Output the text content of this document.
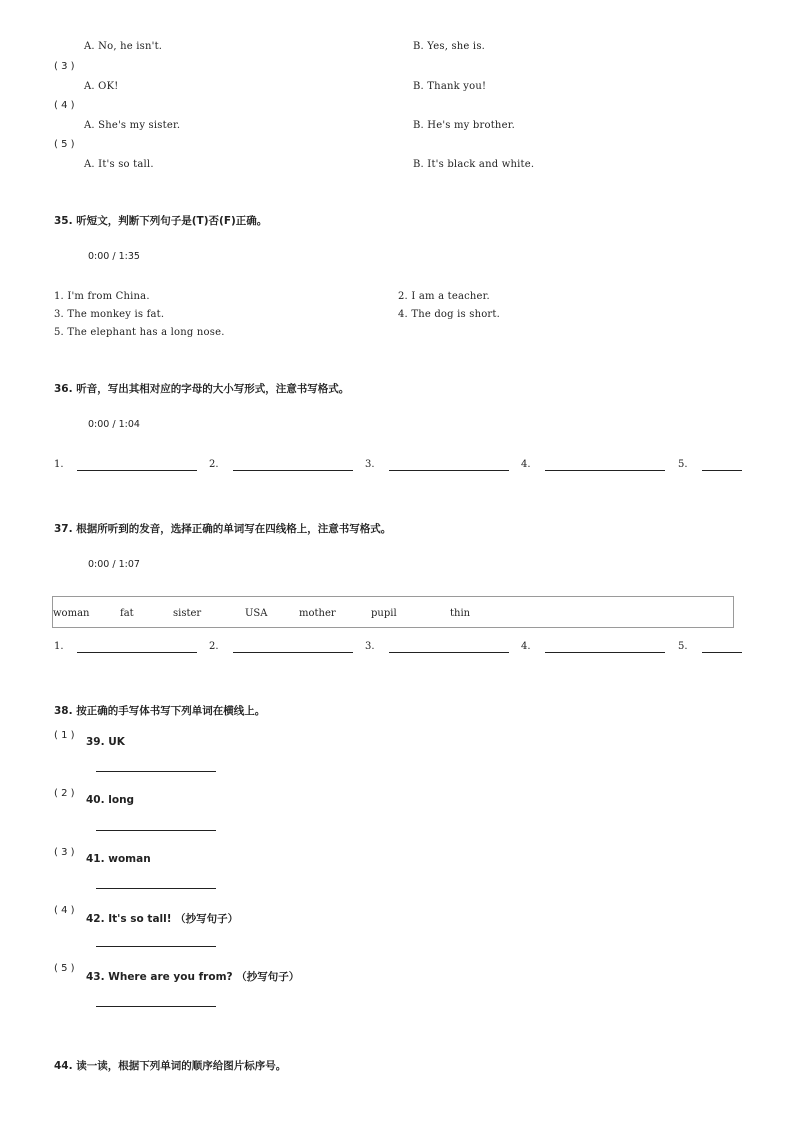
A. No, he isn't.	B. Yes, she is.
( 3 )
A. OK!	B. Thank you!
( 4 )
A. She's my sister.	B. He's my brother.
( 5 )
A. It's so tall.	B. It's black and white.
35. 听短文，判断下列句子是(T)否(F)正确。
0:00 / 1:35
1. I'm from China.	2. I am a teacher.
3. The monkey is fat.	4. The dog is short.
5. The elephant has a long nose.
36. 听音，写出其相对应的字母的大小写形式，注意书写格式。
0:00 / 1:04
1.	2.	3.	4.	5.
37. 根据所听到的发音，选择正确的单词写在四线格上，注意书写格式。
0:00 / 1:07
woman	fat	sister	USA	mother	pupil	thin
1.	2.	3.	4.	5.
38. 按正确的手写体书写下列单词在横线上。
( 1 )
39. UK
( 2 )
40. long
( 3 )
41. woman
( 4 )
42. It's so tall! （抄写句子）
( 5 )
43. Where are you from? （抄写句子）
44. 读一读，根据下列单词的顺序给图片标序号。
